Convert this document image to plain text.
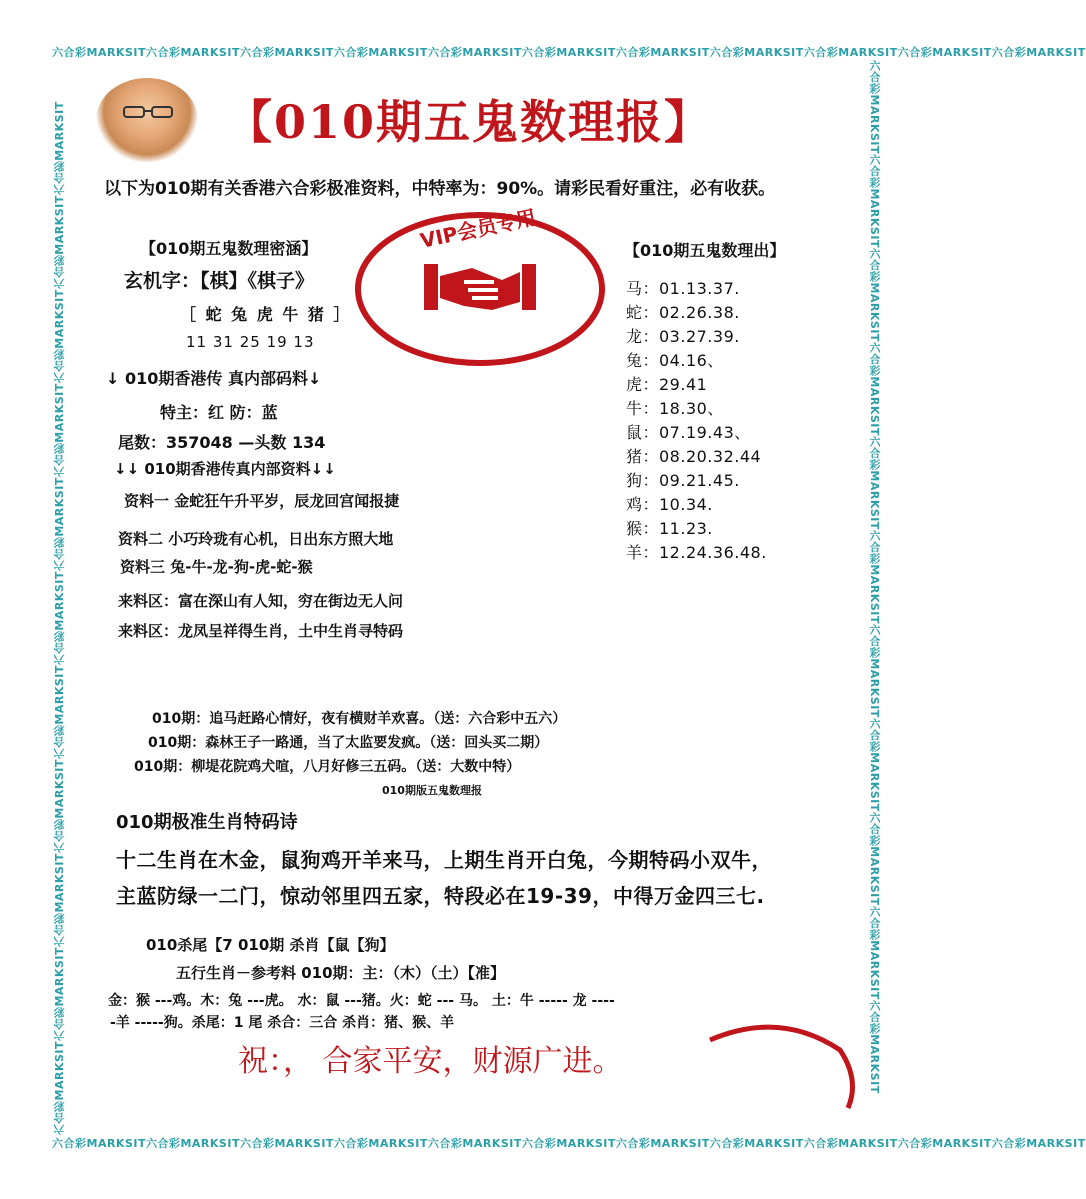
六合彩MARKSIT六合彩MARKSIT六合彩MARKSIT六合彩MARKSIT六合彩MARKSIT六合彩MARKSIT六合彩MARKSIT六合彩MARKSIT六合彩MARKSIT六合彩MARKSIT六合彩MARKSIT
六合彩MARKSIT六合彩MARKSIT六合彩MARKSIT六合彩MARKSIT六合彩MARKSIT六合彩MARKSIT六合彩MARKSIT六合彩MARKSIT六合彩MARKSIT六合彩MARKSIT六合彩MARKSIT
六合彩MARKSIT六合彩MARKSIT六合彩MARKSIT六合彩MARKSIT六合彩MARKSIT六合彩MARKSIT六合彩MARKSIT六合彩MARKSIT六合彩MARKSIT六合彩MARKSIT六合彩MARKSIT	六合彩MARKSIT六合彩MARKSIT六合彩MARKSIT六合彩MARKSIT六合彩MARKSIT六合彩MARKSIT六合彩MARKSIT六合彩MARKSIT六合彩MARKSIT六合彩MARKSIT六合彩MARKSIT
【010期五鬼数理报】
以下为010期有关香港六合彩极准资料，中特率为：90%。请彩民看好重注，必有收获。
【010期五鬼数理密涵】
玄机字：【棋】《棋子》
［ 蛇 兔 虎 牛 猪 ］
11 31 25 19 13
VIP会员专用
↓ 010期香港传 真内部码料↓
特主：红 防：蓝
尾数：357048 —头数 134
↓↓ 010期香港传真内部资料↓↓
资料一 金蛇狂午升平岁，辰龙回宫闻报捷
资料二 小巧玲珑有心机，日出东方照大地
资料三 兔-牛-龙-狗-虎-蛇-猴
来料区：富在深山有人知，穷在街边无人问
来料区：龙凤呈祥得生肖，土中生肖寻特码
【010期五鬼数理出】
马：01.13.37.
蛇：02.26.38.
龙：03.27.39.
兔：04.16、
虎：29.41
牛：18.30、
鼠：07.19.43、
猪：08.20.32.44
狗：09.21.45.
鸡：10.34.
猴：11.23.
羊：12.24.36.48.
010期：追马赶路心情好，夜有横财羊欢喜。（送：六合彩中五六）
010期：森林王子一路通，当了太监要发疯。（送：回头买二期）
010期：柳堤花院鸡犬喧，八月好修三五码。（送：大数中特）
010期版五鬼数理报
010期极准生肖特码诗
十二生肖在木金，鼠狗鸡开羊来马，上期生肖开白兔，今期特码小双牛，
主蓝防绿一二门，惊动邻里四五家，特段必在19-39，中得万金四三七.
010杀尾【7 010期 杀肖【鼠【狗】
五行生肖－参考料 010期：主：（木）（土）【准】
金：猴 ---鸡。木：兔 ---虎。 水：鼠 ---猪。火：蛇 --- 马。 土：牛 ----- 龙 ----
-羊 -----狗。杀尾：1 尾 杀合：三合 杀肖：猪、猴、羊
祝：， 合家平安，财源广进。
